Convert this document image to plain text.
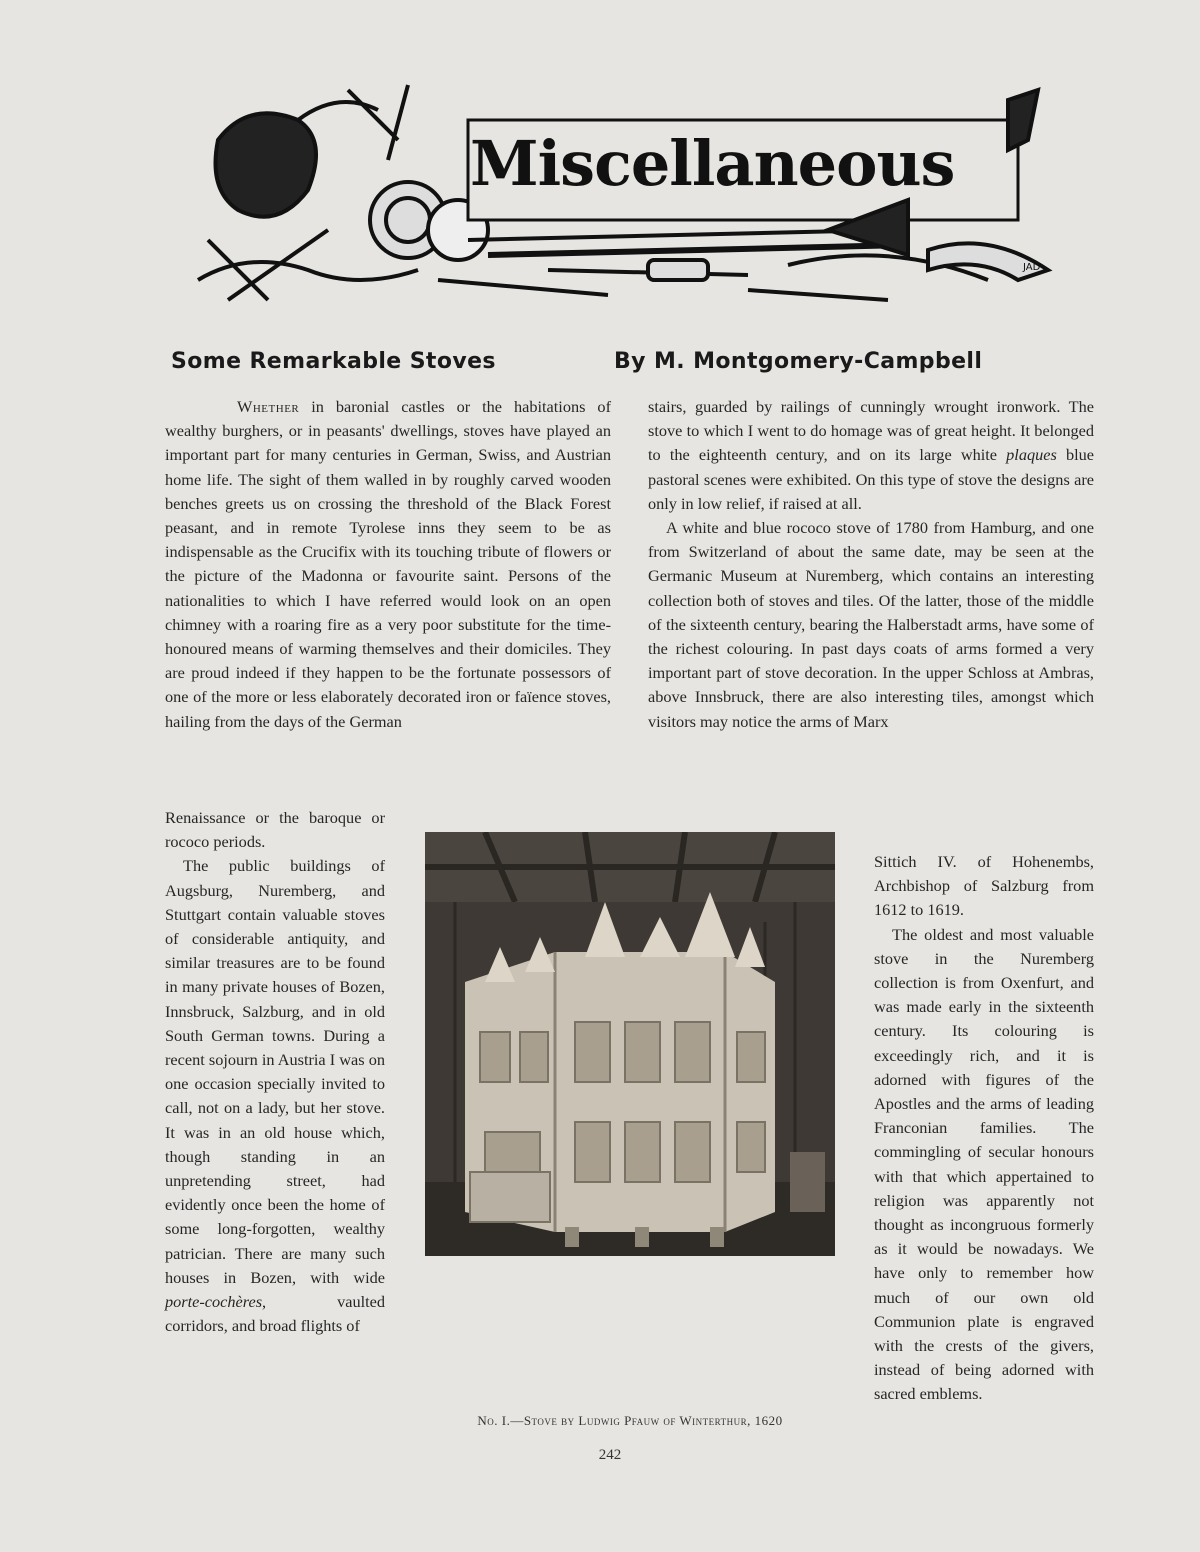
JAD
Miscellaneous
Some Remarkable Stoves	By M. Montgomery-Campbell

Whether in baronial castles or the habitations of wealthy burghers, or in peasants' dwellings, stoves have played an important part for many centuries in German, Swiss, and Austrian home life. The sight of them walled in by roughly carved wooden benches greets us on crossing the threshold of the Black Forest peasant, and in remote Tyrolese inns they seem to be as indispensable as the Crucifix with its touching tribute of flowers or the picture of the Madonna or favourite saint. Persons of the nationalities to which I have referred would look on an open chimney with a roaring fire as a very poor substitute for the time-honoured means of warming themselves and their domiciles. They are proud indeed if they happen to be the fortunate possessors of one of the more or less elaborately decorated iron or faïence stoves, hailing from the days of the German

Renaissance or the baroque or rococo periods.

The public buildings of Augsburg, Nuremberg, and Stuttgart contain valuable stoves of considerable antiquity, and similar treasures are to be found in many private houses of Bozen, Innsbruck, Salzburg, and in old South German towns. During a recent sojourn in Austria I was on one occasion specially invited to call, not on a lady, but her stove. It was in an old house which, though standing in an unpretending street, had evidently once been the home of some long-forgotten, wealthy patrician. There are many such houses in Bozen, with wide porte-cochères, vaulted corridors, and broad flights of

stairs, guarded by railings of cunningly wrought ironwork. The stove to which I went to do homage was of great height. It belonged to the eighteenth century, and on its large white plaques blue pastoral scenes were exhibited. On this type of stove the designs are only in low relief, if raised at all.

A white and blue rococo stove of 1780 from Hamburg, and one from Switzerland of about the same date, may be seen at the Germanic Museum at Nuremberg, which contains an interesting collection both of stoves and tiles. Of the latter, those of the middle of the sixteenth century, bearing the Halberstadt arms, have some of the richest colouring. In past days coats of arms formed a very important part of stove decoration. In the upper Schloss at Ambras, above Innsbruck, there are also interesting tiles, amongst which visitors may notice the arms of Marx

Sittich IV. of Hohenembs, Archbishop of Salzburg from 1612 to 1619.

The oldest and most valuable stove in the Nuremberg collection is from Oxenfurt, and was made early in the sixteenth century. Its colouring is exceedingly rich, and it is adorned with figures of the Apostles and the arms of leading Franconian families. The commingling of secular honours with that which appertained to religion was apparently not thought as incongruous formerly as it would be nowadays. We have only to remember how much of our own old Communion plate is engraved with the crests of the givers, instead of being adorned with sacred emblems.

No. I.—Stove by Ludwig Pfauw of Winterthur, 1620
242
